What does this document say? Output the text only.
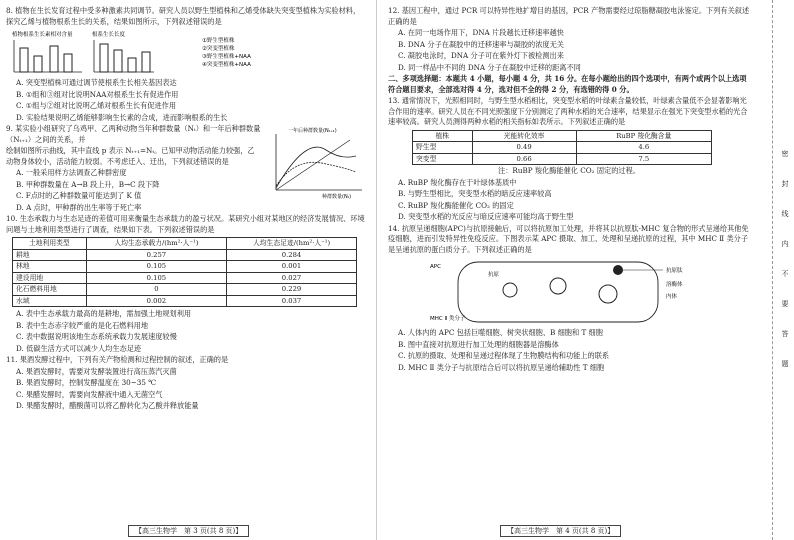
8. 植物在生长发育过程中受多种激素共同调节。研究人员以野生型植株和乙烯受体缺失突变型植株为实验材料，探究乙烯与植物根系生长的关系，结果如图所示，下列叙述错误的是

植物根系生长素相对含量	根系生长长度
①野生型植株
②突变型植株
③野生型植株+NAA
④突变型植株+NAA

A. 突变型植株可通过调节使根系生长相关基因表达

B. ①组和③组对比说明NAA对根系生长有促进作用

C. ①组与②组对比说明乙烯对根系生长有促进作用

D. 实验结果说明乙烯能够影响生长素的合成，进而影响根系的生长

9. 某实验小组研究了乌鸡甲、乙两种动物当年种群数量（Nₜ）和一年后种群数量（Nₜ₊₁）之间的关系，并

绘制如图所示曲线，其中直线 p 表示 Nₜ₊₁=Nₜ。已知甲动物活动能力较强，乙动物身体较小，活动能力较弱。不考虑迁入、迁出，下列叙述错误的是

A. 一般采用样方法调查乙种群密度

B. 甲种群数量在 A→B 段上升，B→C 段下降

C. F点时的乙种群数量可能达到了 K 值

D. A 点时，甲种群的出生率等于死亡率

一年后种群数量(Nₜ₊₁)
种群数量(Nₜ)

10. 生态承载力与生态足迹的差值可用来衡量生态承载力的盈亏状况。某研究小组对某地区的经济发展情况、环境问题与土地利用类型进行了调查，结果如下表。下列叙述错误的是

土地利用类型	人均生态承载力/(hm²·人⁻¹)	人均生态足迹/(hm²·人⁻¹)
耕地	0.257	0.284
林地	0.105	0.001
建设用地	0.105	0.027
化石燃料用地	0	0.229
水域	0.002	0.037

A. 表中生态承载力最高的是耕地，需加强土地规划利用

B. 表中生态赤字较严重的是化石燃料用地

C. 表中数据说明该地生态系统承载力发展速度较慢

D. 低碳生活方式可以减少人均生态足迹

11. 果酒发酵过程中，下列有关产物检测和过程控制的叙述，正确的是

A. 果酒发酵时，需要对发酵装置进行高压蒸汽灭菌

B. 果酒发酵时，控制发酵温度在 30~35 ℃

C. 果醋发酵时，需要向发酵液中通入无菌空气

D. 果醋发酵时，醋酸菌可以将乙醇转化为乙酸并释放能量

【高三生物学　第 3 页(共 8 页)】

12. 基因工程中，通过 PCR 可以特异性地扩增目的基因，PCR 产物需要经过琼脂糖凝胶电泳鉴定。下列有关叙述正确的是

A. 在同一电场作用下，DNA 片段越长迁移速率越快

B. DNA 分子在凝胶中的迁移速率与凝胶的浓度无关

C. 凝胶电泳时，DNA 分子可在紫外灯下被检测出来

D. 同一样品中不同的 DNA 分子在凝胶中迁移的距离不同

二、多项选择题：本题共 4 小题，每小题 4 分，共 16 分。在每小题给出的四个选项中，有两个或两个以上选项符合题目要求，全部选对得 4 分，选对但不全的得 2 分，有选错的得 0 分。

13. 通常情况下，光照相同时，与野生型水稻相比，突变型水稻的叶绿素含量较低，叶绿素含量低不会显著影响光合作用的速率。研究人员在不同光照强度下分别测定了两种水稻的光合速率，结果显示在强光下突变型水稻的光合速率较高。研究人员测得两种水稻的相关指标如表所示。下列叙述正确的是

植株	光能转化效率	RuBP 羧化酶含量
野生型	0.49	4.6
突变型	0.66	7.5

注：RuBP 羧化酶能催化 CO₂ 固定的过程。

A. RuBP 羧化酶存在于叶绿体基质中

B. 与野生型相比，突变型水稻的暗反应速率较高

C. RuBP 羧化酶能催化 CO₂ 的固定

D. 突变型水稻的光反应与暗反应速率可能均高于野生型

14. 抗原呈递细胞(APC)与抗原接触后，可以将抗原加工处理，并将其以抗原肽-MHC 复合物的形式呈递给其他免疫细胞，进而引发特异性免疫反应。下图表示某 APC 摄取、加工、处理和呈递抗原的过程，其中 MHC Ⅱ 类分子是呈递抗原的蛋白质分子。下列叙述正确的是

APC
抗原
抗原肽
溶酶体
内体
MHC Ⅱ 类分子

A. 人体内的 APC 包括巨噬细胞、树突状细胞、B 细胞和 T 细胞

B. 图中直接对抗原进行加工处理的细胞器是溶酶体

C. 抗原的摄取、处理和呈递过程体现了生物膜结构和功能上的联系

D. MHC Ⅱ 类分子与抗原结合后可以将抗原呈递给辅助性 T 细胞

【高三生物学　第 4 页(共 8 页)】
密
封
线
内
不
要
答
题
